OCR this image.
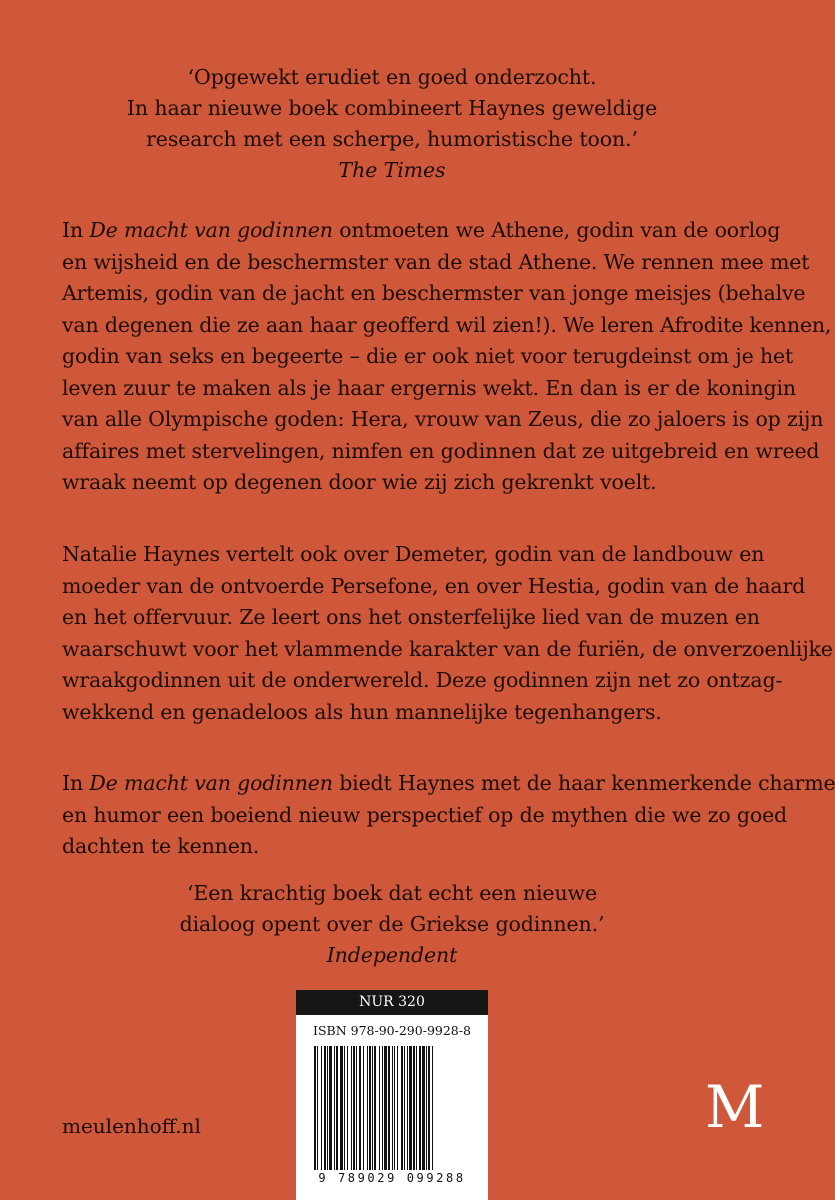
‘Opgewekt erudiet en goed onderzocht.
In haar nieuwe boek combineert Haynes geweldige
research met een scherpe, humoristische toon.’
The Times
In De macht van godinnen ontmoeten we Athene, godin van de oorlog
en wijsheid en de beschermster van de stad Athene. We rennen mee met
Artemis, godin van de jacht en beschermster van jonge meisjes (behalve
van degenen die ze aan haar geofferd wil zien!). We leren Afrodite kennen,
godin van seks en begeerte – die er ook niet voor terugdeinst om je het
leven zuur te maken als je haar ergernis wekt. En dan is er de koningin
van alle Olympische goden: Hera, vrouw van Zeus, die zo jaloers is op zijn
affaires met stervelingen, nimfen en godinnen dat ze uitgebreid en wreed
wraak neemt op degenen door wie zij zich gekrenkt voelt.
Natalie Haynes vertelt ook over Demeter, godin van de landbouw en
moeder van de ontvoerde Persefone, en over Hestia, godin van de haard
en het offervuur. Ze leert ons het onsterfelijke lied van de muzen en
waarschuwt voor het vlammende karakter van de furiën, de onverzoenlijke
wraakgodinnen uit de onderwereld. Deze godinnen zijn net zo ontzag-
wekkend en genadeloos als hun mannelijke tegenhangers.
In De macht van godinnen biedt Haynes met de haar kenmerkende charme
en humor een boeiend nieuw perspectief op de mythen die we zo goed
dachten te kennen.
‘Een krachtig boek dat echt een nieuwe
dialoog opent over de Griekse godinnen.’
Independent
NUR 320
ISBN 978-90-290-9928-8
9 789029 099288
meulenhoff.nl	M
